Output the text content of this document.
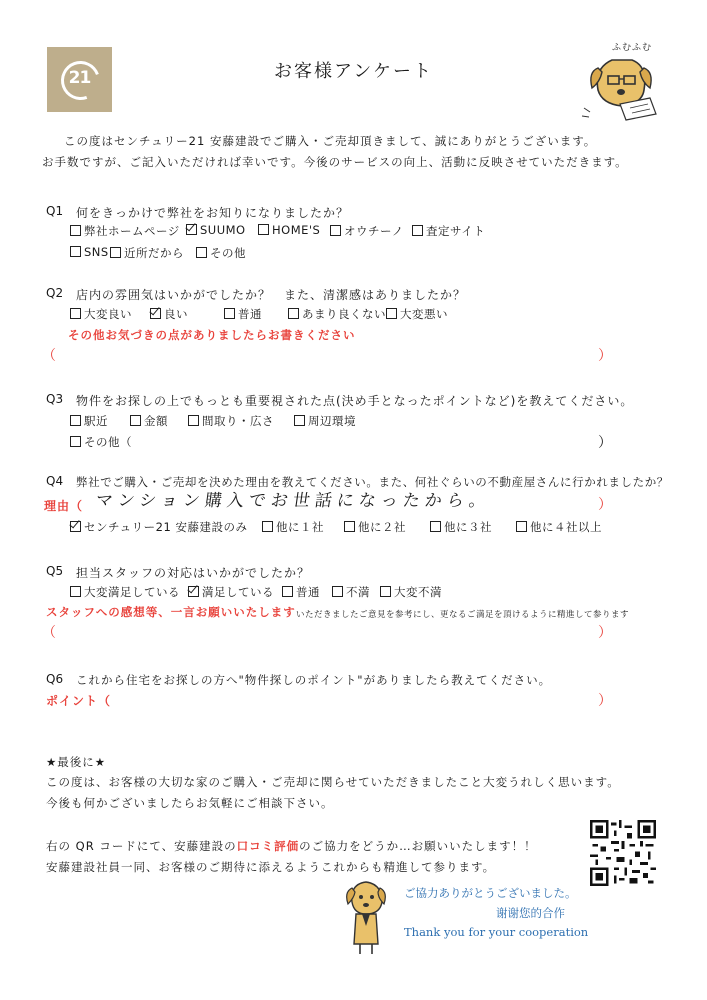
21	お客様アンケート
ふむふむ
この度はセンチュリー21 安藤建設でご購入・ご売却頂きまして、誠にありがとうございます。
お手数ですが、ご記入いただければ幸いです。今後のサービスの向上、活動に反映させていただきます。
Q1 何をきっかけで弊社をお知りになりましたか？
弊社ホームページ	SUUMO	HOME'S	オウチーノ	査定サイト
SNS	近所だから	その他
Q2 店内の雰囲気はいかがでしたか？　また、清潔感はありましたか？
大変良い	良い	普通	あまり良くない	大変悪い
その他お気づきの点がありましたらお書きください
（	）
Q3 物件をお探しの上でもっとも重要視された点(決め手となったポイントなど)を教えてください。
駅近	金額	間取り・広さ	周辺環境
その他（	）
Q4 弊社でご購入・ご売却を決めた理由を教えてください。また、何社ぐらいの不動産屋さんに行かれましたか？
理由（ マンション購入でお世話になったから。	）
センチュリー21 安藤建設のみ	他に１社	他に２社	他に３社	他に４社以上
Q5 担当スタッフの対応はいかがでしたか？
大変満足している	満足している	普通	不満	大変不満
スタッフへの感想等、一言お願いいたします いただきましたご意見を参考にし、更なるご満足を頂けるように精進して参ります
（	）
Q6 これから住宅をお探しの方へ"物件探しのポイント"がありましたら教えてください。
ポイント（	）
★最後に★
この度は、お客様の大切な家のご購入・ご売却に関らせていただきましたこと大変うれしく思います。
今後も何かございましたらお気軽にご相談下さい。
右の QR コードにて、安藤建設の口コミ評価のご協力をどうか…お願いいたします！！
安藤建設社員一同、お客様のご期待に添えるようこれからも精進して参ります。
ご協力ありがとうございました。
谢谢您的合作
Thank you for your cooperation
